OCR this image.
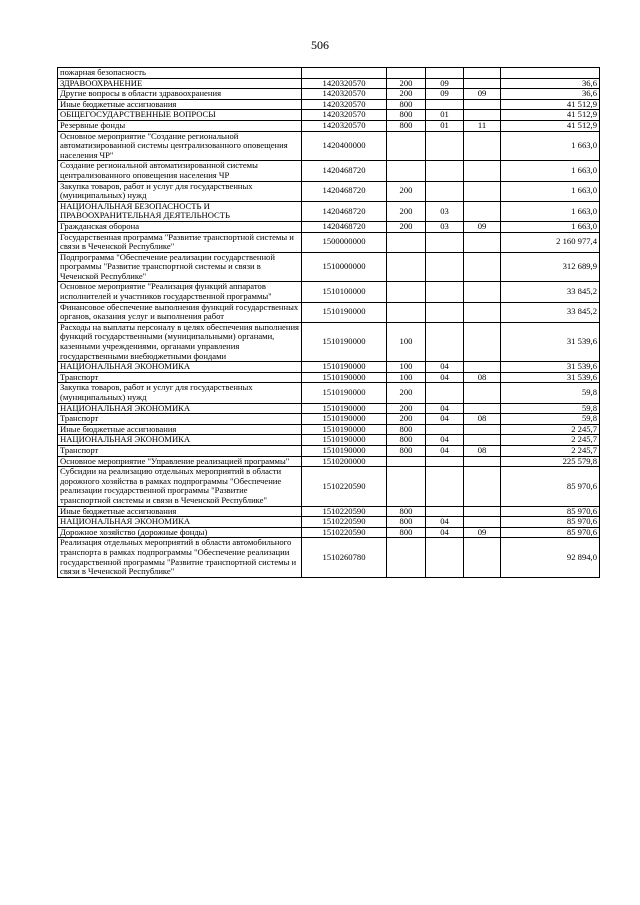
506
пожарная безопасность					
ЗДРАВООХРАНЕНИЕ	1420320570	200	09		36,6
Другие вопросы в области здравоохранения	1420320570	200	09	09	36,6
Иные бюджетные ассигнования	1420320570	800			41 512,9
ОБЩЕГОСУДАРСТВЕННЫЕ ВОПРОСЫ	1420320570	800	01		41 512,9
Резервные фонды	1420320570	800	01	11	41 512,9
Основное мероприятие "Создание региональной автоматизированной системы централизованного оповещения населения ЧР"	1420400000				1 663,0
Создание региональной автоматизированной системы централизованного оповещения населения ЧР	1420468720				1 663,0
Закупка товаров, работ и услуг для государственных (муниципальных) нужд	1420468720	200			1 663,0
НАЦИОНАЛЬНАЯ БЕЗОПАСНОСТЬ И ПРАВООХРАНИТЕЛЬНАЯ ДЕЯТЕЛЬНОСТЬ	1420468720	200	03		1 663,0
Гражданская оборона	1420468720	200	03	09	1 663,0
Государственная программа "Развитие транспортной системы и связи в Чеченской Республике"	1500000000				2 160 977,4
Подпрограмма "Обеспечение реализации государственной программы "Развитие транспортной системы и связи в Чеченской Республике"	1510000000				312 689,9
Основное мероприятие "Реализация функций аппаратов исполнителей и участников государственной программы"	1510100000				33 845,2
Финансовое обеспечение выполнения функций государственных органов, оказания услуг и выполнения работ	1510190000				33 845,2
Расходы на выплаты персоналу в целях обеспечения выполнения функций государственными (муниципальными) органами, казенными учреждениями, органами управления государственными внебюджетными фондами	1510190000	100			31 539,6
НАЦИОНАЛЬНАЯ ЭКОНОМИКА	1510190000	100	04		31 539,6
Транспорт	1510190000	100	04	08	31 539,6
Закупка товаров, работ и услуг для государственных (муниципальных) нужд	1510190000	200			59,8
НАЦИОНАЛЬНАЯ ЭКОНОМИКА	1510190000	200	04		59,8
Транспорт	1510190000	200	04	08	59,8
Иные бюджетные ассигнования	1510190000	800			2 245,7
НАЦИОНАЛЬНАЯ ЭКОНОМИКА	1510190000	800	04		2 245,7
Транспорт	1510190000	800	04	08	2 245,7
Основное мероприятие "Управление реализацией программы"	1510200000				225 579,8
Субсидии на реализацию отдельных мероприятий в области дорожного хозяйства в рамках подпрограммы "Обеспечение реализации государственной программы "Развитие транспортной системы и связи в Чеченской Республике"	1510220590				85 970,6
Иные бюджетные ассигнования	1510220590	800			85 970,6
НАЦИОНАЛЬНАЯ ЭКОНОМИКА	1510220590	800	04		85 970,6
Дорожное хозяйство (дорожные фонды)	1510220590	800	04	09	85 970,6
Реализация отдельных мероприятий в области автомобильного транспорта в рамках подпрограммы "Обеспечение реализации государственной программы "Развитие транспортной системы и связи в Чеченской Республике"	1510260780				92 894,0
